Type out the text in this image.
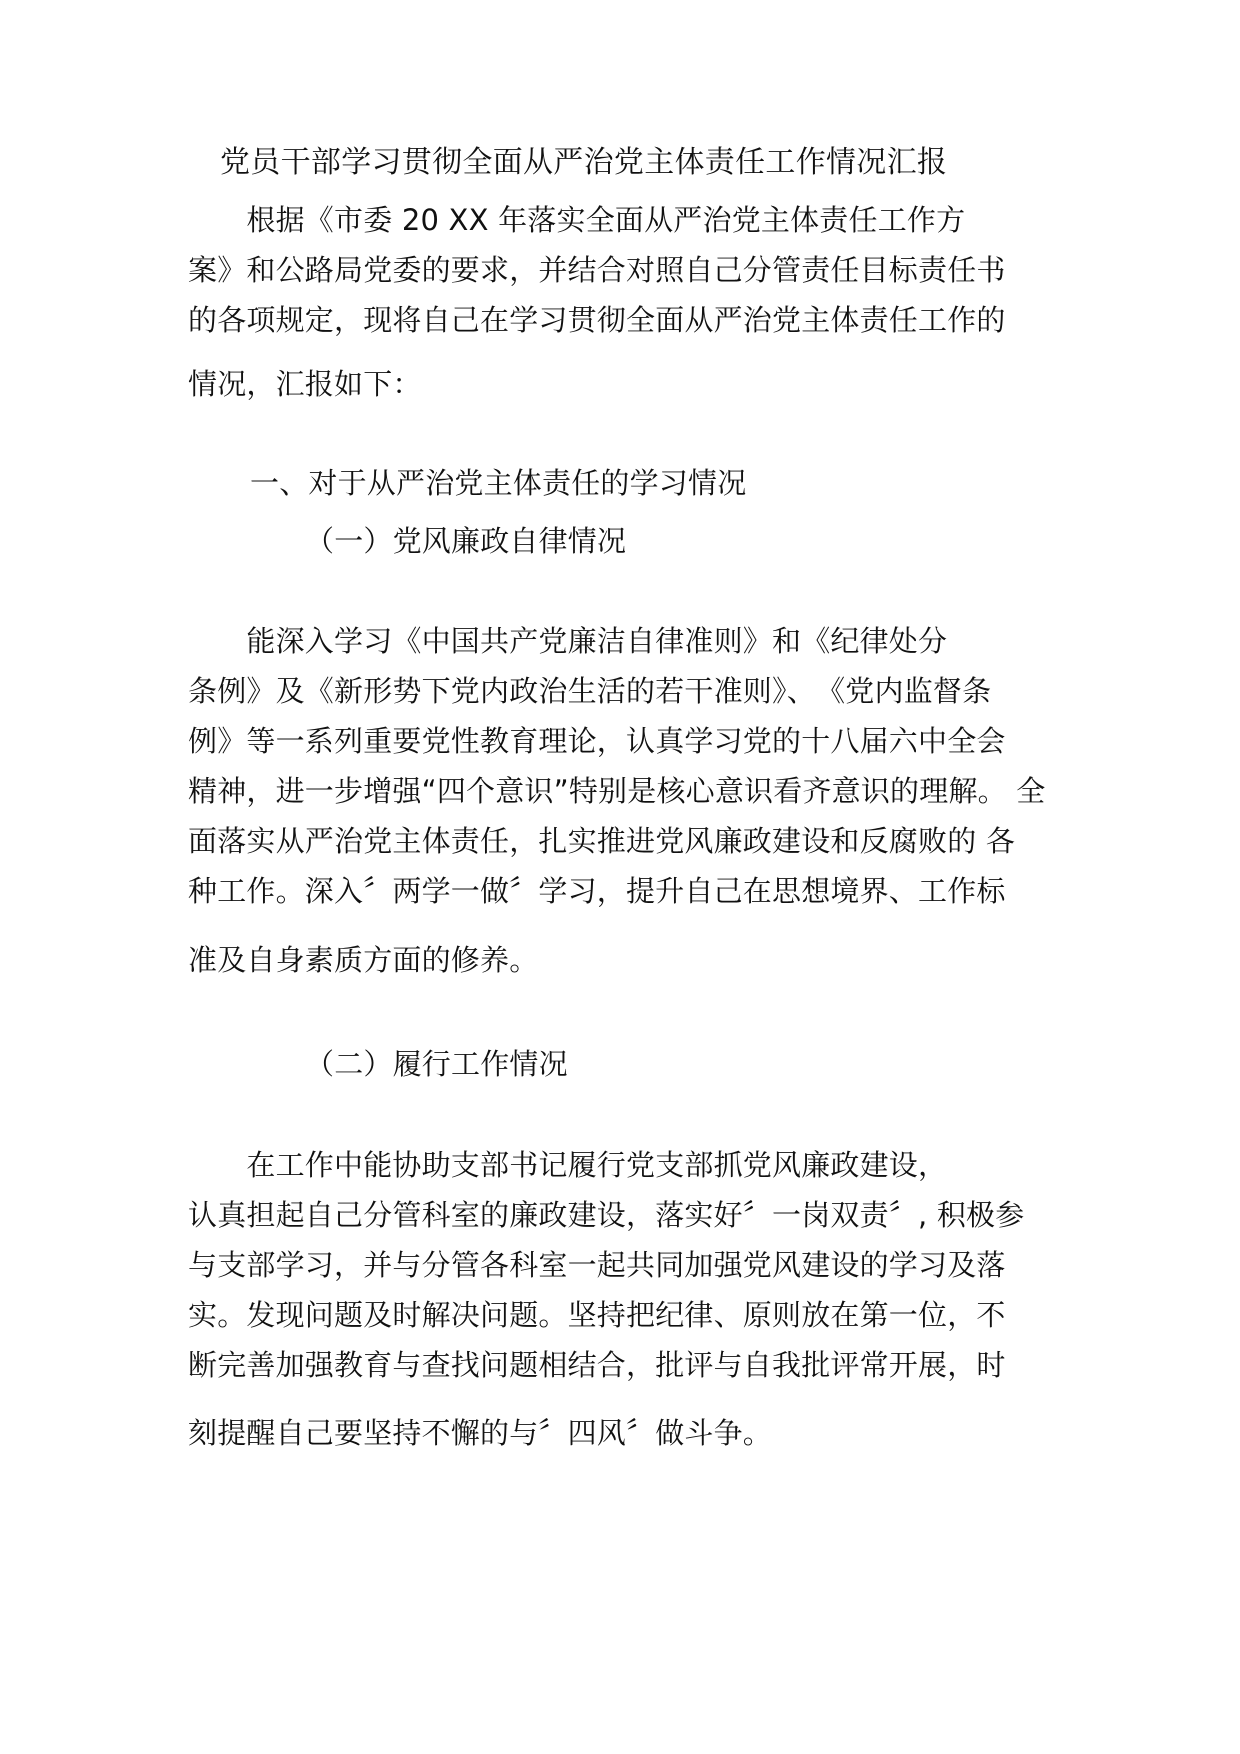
党员干部学习贯彻全面从严治党主体责任工作情况汇报
　　根据《市委 20 XX 年落实全面从严治党主体责任工作方
案》和公路局党委的要求，并结合对照自己分管责任目标责任书
的各项规定，现将自己在学习贯彻全面从严治党主体责任工作的
情况，汇报如下：
一、对于从严治党主体责任的学习情况
（一）党风廉政自律情况
　　能深入学习《中国共产党廉洁自律准则》和《纪律处分
条例》及《新形势下党内政治生活的若干准则》、　《党内监督条
例》等一系列重要党性教育理论，认真学习党的十八届六中全会
精神，进一步增强“四个意识”特别是核心意识看齐意识的理解。 全
面落实从严治党主体责任，扎实推进党风廉政建设和反腐败的 各
种工作。深入〞两学一做〞学习，提升自己在思想境界、工作标
准及自身素质方面的修养。
（二）履行工作情况
　　在工作中能协助支部书记履行党支部抓党风廉政建设，
认真担起自己分管科室的廉政建设，落实好〞一岗双责〞, 积极参
与支部学习，并与分管各科室一起共同加强党风建设的学习及落
实。发现问题及时解决问题。坚持把纪律、原则放在第一位，不
断完善加强教育与查找问题相结合，批评与自我批评常开展，时
刻提醒自己要坚持不懈的与〞四风〞做斗争。
